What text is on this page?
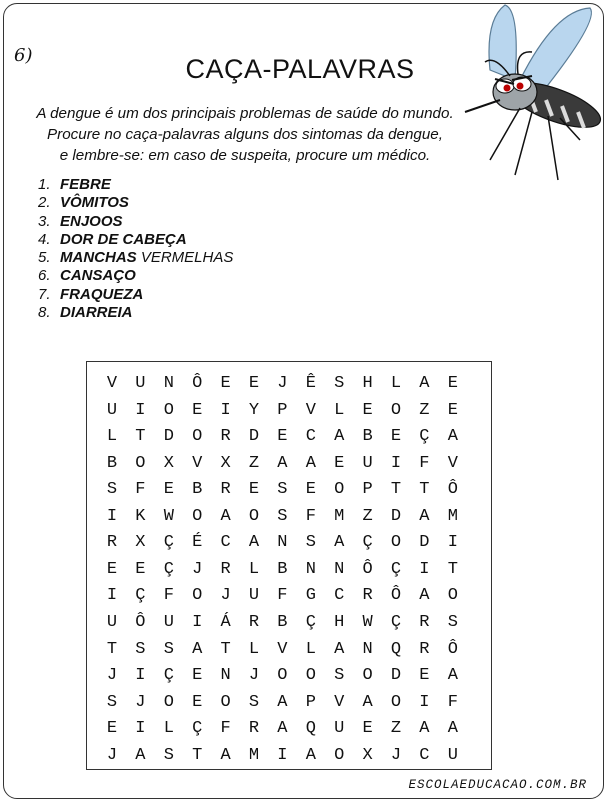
6)	CAÇA-PALAVRAS
A dengue é um dos principais problemas de saúde do mundo.
Procure no caça-palavras alguns dos sintomas da dengue,
e lembre-se: em caso de suspeita, procure um médico.
1. FEBRE
2. VÔMITOS
3. ENJOOS
4. DOR DE CABEÇA
5. MANCHAS VERMELHAS
6. CANSAÇO
7. FRAQUEZA
8. DIARREIA
V	U	N	Ô	E	E	J	Ê	S	H	L	A	E
U	I	O	E	I	Y	P	V	L	E	O	Z	E
L	T	D	O	R	D	E	C	A	B	E	Ç	A
B	O	X	V	X	Z	A	A	E	U	I	F	V
S	F	E	B	R	E	S	E	O	P	T	T	Ô
I	K	W	O	A	O	S	F	M	Z	D	A	M
R	X	Ç	É	C	A	N	S	A	Ç	O	D	I
E	E	Ç	J	R	L	B	N	N	Ô	Ç	I	T
I	Ç	F	O	J	U	F	G	C	R	Ô	A	O
U	Ô	U	I	Á	R	B	Ç	H	W	Ç	R	S
T	S	S	A	T	L	V	L	A	N	Q	R	Ô
J	I	Ç	E	N	J	O	O	S	O	D	E	A
S	J	O	E	O	S	A	P	V	A	O	I	F
E	I	L	Ç	F	R	A	Q	U	E	Z	A	A
J	A	S	T	A	M	I	A	O	X	J	C	U
ESCOLAEDUCACAO.COM.BR
